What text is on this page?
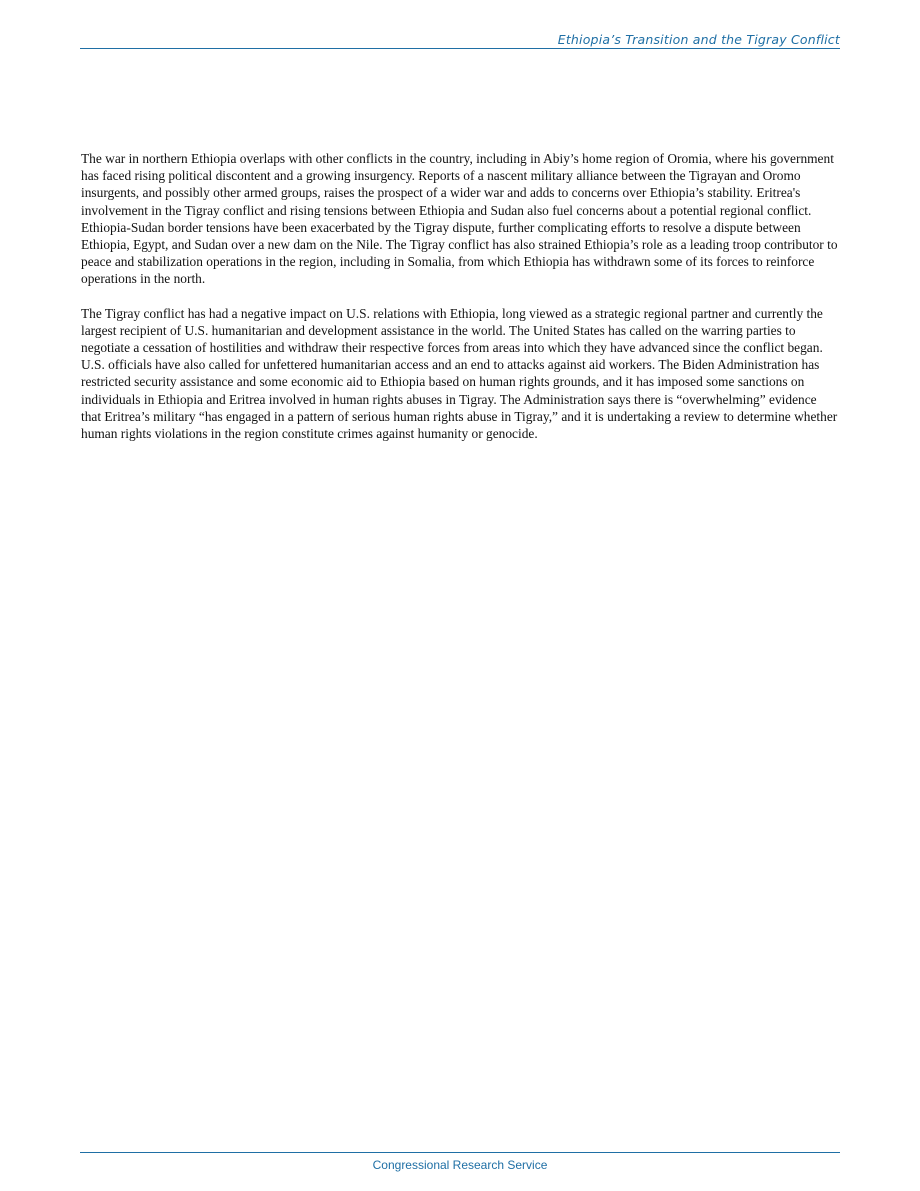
Ethiopia’s Transition and the Tigray Conflict

The war in northern Ethiopia overlaps with other conflicts in the country, including in Abiy’s home region of Oromia, where his government has faced rising political discontent and a growing insurgency. Reports of a nascent military alliance between the Tigrayan and Oromo insurgents, and possibly other armed groups, raises the prospect of a wider war and adds to concerns over Ethiopia’s stability. Eritrea's involvement in the Tigray conflict and rising tensions between Ethiopia and Sudan also fuel concerns about a potential regional conflict. Ethiopia-Sudan border tensions have been exacerbated by the Tigray dispute, further complicating efforts to resolve a dispute between Ethiopia, Egypt, and Sudan over a new dam on the Nile. The Tigray conflict has also strained Ethiopia’s role as a leading troop contributor to peace and stabilization operations in the region, including in Somalia, from which Ethiopia has withdrawn some of its forces to reinforce operations in the north.

The Tigray conflict has had a negative impact on U.S. relations with Ethiopia, long viewed as a strategic regional partner and currently the largest recipient of U.S. humanitarian and development assistance in the world. The United States has called on the warring parties to negotiate a cessation of hostilities and withdraw their respective forces from areas into which they have advanced since the conflict began. U.S. officials have also called for unfettered humanitarian access and an end to attacks against aid workers. The Biden Administration has restricted security assistance and some economic aid to Ethiopia based on human rights grounds, and it has imposed some sanctions on individuals in Ethiopia and Eritrea involved in human rights abuses in Tigray. The Administration says there is “overwhelming” evidence that Eritrea’s military “has engaged in a pattern of serious human rights abuse in Tigray,” and it is undertaking a review to determine whether human rights violations in the region constitute crimes against humanity or genocide.

Congressional Research Service
